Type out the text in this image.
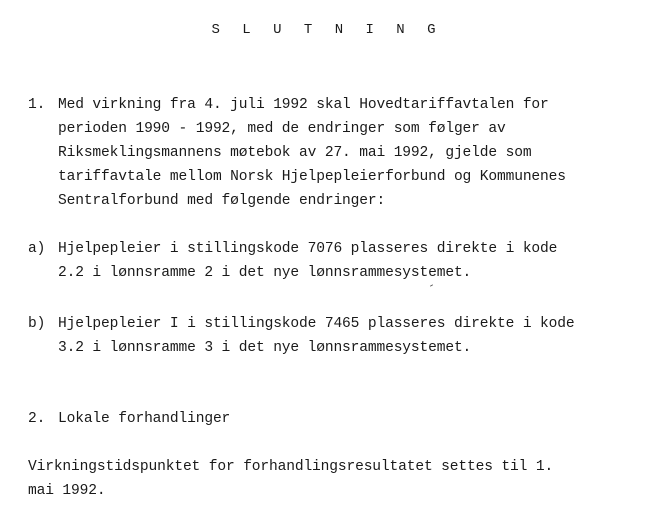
S L U T N I N G
1. Med virkning fra 4. juli 1992 skal Hovedtariffavtalen for
perioden 1990 - 1992, med de endringer som følger av
Riksmeklingsmannens møtebok av 27. mai 1992, gjelde som
tariffavtale mellom Norsk Hjelpepleierforbund og Kommunenes
Sentralforbund med følgende endringer:
a) Hjelpepleier i stillingskode 7076 plasseres direkte i kode
2.2 i lønnsramme 2 i det nye lønnsrammesystemet.
b) Hjelpepleier I i stillingskode 7465 plasseres direkte i kode
3.2 i lønnsramme 3 i det nye lønnsrammesystemet.
2. Lokale forhandlinger
Virkningstidspunktet for forhandlingsresultatet settes til 1.
mai 1992.
